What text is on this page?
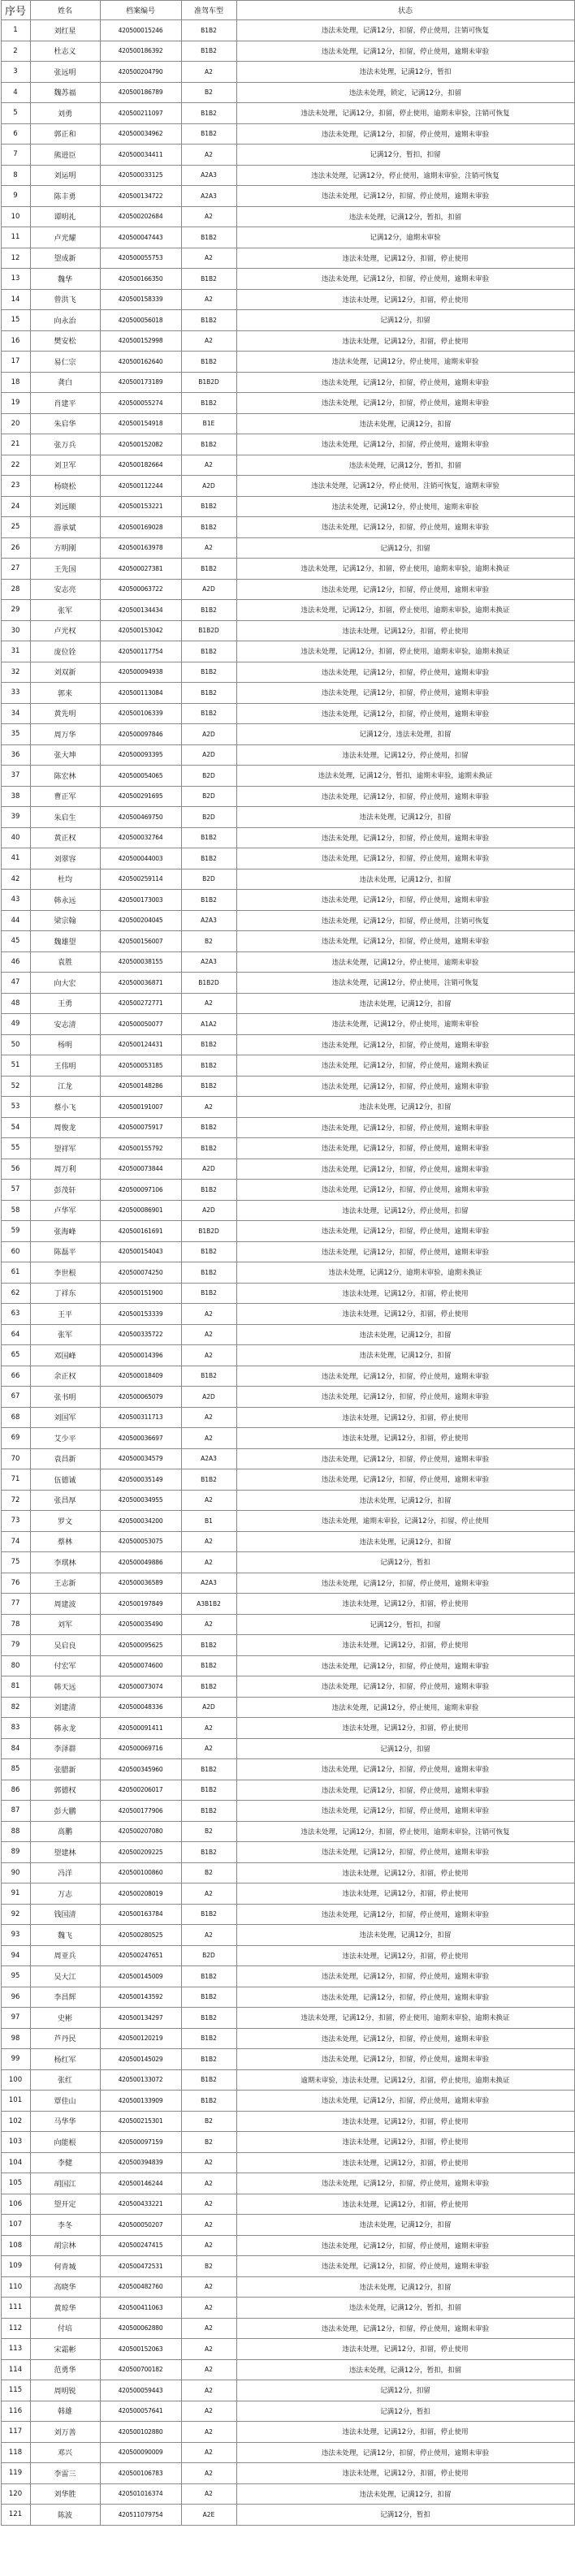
序号	姓名	档案编号	准驾车型	状态
1	刘红星	420500015246	B1B2	违法未处理，记满12分，扣留，停止使用，注销可恢复
2	杜志义	420500186392	B1B2	违法未处理，记满12分，扣留，停止使用，逾期未审验
3	张远明	420500204790	A2	违法未处理，记满12分，暂扣
4	魏苏福	420500186789	B2	违法未处理，锁定，记满12分，扣留
5	刘勇	420500211097	B1B2	违法未处理，记满12分，扣留，停止使用，逾期未审验，注销可恢复
6	郭正和	420500034962	B1B2	违法未处理，记满12分，扣留，停止使用，逾期未审验
7	熊进臣	420500034411	A2	记满12分，暂扣，扣留
8	刘运明	420500033125	A2A3	违法未处理，记满12分，停止使用，逾期未审验，注销可恢复
9	陈丰勇	420500134722	A2A3	违法未处理，记满12分，扣留，停止使用，逾期未审验
10	谭明礼	420500202684	A2	违法未处理，记满12分，暂扣，扣留
11	卢光耀	420500047443	B1B2	记满12分，逾期未审验
12	望成新	420500055753	A2	违法未处理，记满12分，扣留，停止使用
13	魏华	420500166350	B1B2	违法未处理，记满12分，扣留，停止使用，逾期未审验
14	曾洪飞	420500158339	A2	违法未处理，记满12分，扣留，停止使用
15	向永治	420500056018	B1B2	记满12分，扣留
16	樊安松	420500152998	A2	违法未处理，记满12分，扣留，停止使用
17	易仁宗	420500162640	B1B2	违法未处理，记满12分，停止使用，逾期未审验
18	龚白	420500173189	B1B2D	违法未处理，记满12分，扣留，停止使用，逾期未审验
19	肖建平	420500055274	B1B2	违法未处理，记满12分，扣留，停止使用，逾期未审验
20	朱启华	420500154918	B1E	违法未处理，记满12分，扣留
21	张万兵	420500152082	B1B2	违法未处理，记满12分，扣留，停止使用，逾期未审验
22	刘卫军	420500182664	A2	违法未处理，记满12分，暂扣，扣留
23	杨晓松	420500112244	A2D	违法未处理，记满12分，停止使用，注销可恢复，逾期未审验
24	刘远顺	420500153221	B1B2	违法未处理，记满12分，停止使用，逾期未审验
25	游承斌	420500169028	B1B2	违法未处理，记满12分，扣留，停止使用，逾期未审验
26	方明刚	420500163978	A2	记满12分，扣留
27	王先国	420500027381	B1B2	违法未处理，记满12分，扣留，停止使用，逾期未审验，逾期未换证
28	安志亮	420500063722	A2D	违法未处理，记满12分，扣留，停止使用，逾期未审验
29	张军	420500134434	B1B2	违法未处理，记满12分，扣留，停止使用，逾期未审验，逾期未换证
30	卢光权	420500153042	B1B2D	违法未处理，记满12分，扣留，停止使用
31	庞位铨	420500117754	B1B2	违法未处理，记满12分，扣留，停止使用，逾期未审验，逾期未换证
32	刘双新	420500094938	B1B2	违法未处理，记满12分，扣留，停止使用，逾期未审验
33	郭来	420500113084	B1B2	违法未处理，记满12分，扣留，停止使用，逾期未审验
34	黄先明	420500106339	B1B2	违法未处理，记满12分，扣留，停止使用，逾期未审验
35	周万华	420500097846	A2D	记满12分，违法未处理，扣留
36	张大坤	420500093395	A2D	违法未处理，记满12分，停止使用，扣留
37	陈宏林	420500054065	B2D	违法未处理，记满12分，暂扣，逾期未审验，逾期未换证
38	曹正军	420500291695	B2D	违法未处理，记满12分，扣留，停止使用，逾期未审验
39	朱启生	420500469750	B2D	违法未处理，记满12分，扣留
40	黄正权	420500032764	B1B2	违法未处理，记满12分，扣留，停止使用，逾期未审验
41	刘翠容	420500044003	B1B2	违法未处理，记满12分，扣留，停止使用，逾期未审验
42	杜均	420500259114	B2D	违法未处理，记满12分，扣留
43	韩永远	420500173003	B1B2	违法未处理，记满12分，扣留，停止使用，逾期未审验
44	梁宗翰	420500204045	A2A3	违法未处理，记满12分，扣留，停止使用，注销可恢复
45	魏雄望	420500156007	B2	违法未处理，记满12分，扣留，停止使用，逾期未审验
46	袁胜	420500038155	A2A3	违法未处理，记满12分，停止使用，逾期未审验
47	向大宏	420500036871	B1B2D	违法未处理，记满12分，停止使用，注销可恢复
48	王勇	420500272771	A2	违法未处理，记满12分，扣留
49	安志清	420500050077	A1A2	违法未处理，记满12分，停止使用，逾期未审验
50	杨明	420500124431	B1B2	违法未处理，记满12分，扣留，停止使用，逾期未审验
51	王伟明	420500053185	B1B2	违法未处理，记满12分，扣留，停止使用，逾期未换证
52	江龙	420500148286	B1B2	违法未处理，记满12分，扣留，停止使用，逾期未审验
53	蔡小飞	420500191007	A2	违法未处理，记满12分，扣留
54	周俊龙	420500075917	B1B2	违法未处理，记满12分，扣留，停止使用，逾期未审验
55	望祥军	420500155792	B1B2	违法未处理，记满12分，扣留，停止使用，逾期未审验
56	周万利	420500073844	A2D	违法未处理，记满12分，扣留，停止使用，逾期未审验
57	彭茂轩	420500097106	B1B2	违法未处理，记满12分，扣留，停止使用，逾期未审验
58	卢华军	420500086901	A2D	违法未处理，记满12分，停止使用，扣留
59	张海峰	420500161691	B1B2D	违法未处理，记满12分，扣留，停止使用，逾期未审验
60	陈磊平	420500154043	B1B2	违法未处理，记满12分，扣留，停止使用，逾期未审验
61	李世根	420500074250	B1B2	违法未处理，记满12分，逾期未审验，逾期未换证
62	丁祥东	420500151900	B1B2	违法未处理，记满12分，扣留，停止使用
63	王平	420500153339	A2	违法未处理，记满12分，扣留，停止使用
64	张军	420500335722	A2	违法未处理，记满12分，扣留
65	邓国峰	420500014396	A2	违法未处理，记满12分，扣留
66	余正权	420500018409	B1B2	违法未处理，记满12分，扣留，停止使用，逾期未审验
67	张书明	420500065079	A2D	违法未处理，记满12分，扣留，停止使用，逾期未审验
68	刘国军	420500311713	A2	违法未处理，记满12分，扣留，停止使用
69	艾少平	420500036697	A2	违法未处理，记满12分，扣留，停止使用
70	袁昌新	420500034579	A2A3	违法未处理，记满12分，扣留，停止使用，逾期未审验
71	伍德诚	420500035149	B1B2	违法未处理，记满12分，扣留，停止使用，逾期未审验
72	张昌厚	420500034955	A2	违法未处理，记满12分，扣留
73	罗文	420500034200	B1	违法未处理，逾期未审验，记满12分，扣留，停止使用
74	蔡林	420500053075	A2	违法未处理，记满12分，扣留
75	李琪林	420500049886	A2	记满12分，暂扣
76	王志新	420500036589	A2A3	违法未处理，记满12分，扣留，停止使用，逾期未审验
77	周建波	420500197849	A3B1B2	违法未处理，记满12分，扣留，停止使用
78	刘军	420500035490	A2	记满12分，暂扣，扣留
79	吴启良	420500095625	B1B2	违法未处理，记满12分，扣留，停止使用
80	付宏军	420500074600	B1B2	违法未处理，记满12分，扣留，停止使用，逾期未审验
81	韩天远	420500073074	B1B2	违法未处理，记满12分，扣留，停止使用，逾期未审验
82	刘建清	420500048336	A2D	违法未处理，记满12分，停止使用，逾期未审验
83	韩永龙	420500091411	A2	违法未处理，记满12分，扣留，停止使用
84	李泽群	420500069716	A2	记满12分，扣留
85	张腊新	420500345960	B1B2	违法未处理，记满12分，扣留，停止使用，逾期未审验
86	郭德权	420500206017	B1B2	违法未处理，记满12分，扣留，停止使用，逾期未审验
87	彭大鹏	420500177906	B1B2	违法未处理，记满12分，扣留，停止使用，逾期未审验
88	高鹏	420500207080	B2	违法未处理，记满12分，扣留，停止使用，逾期未审验，注销可恢复
89	望建林	420500209225	B1B2	违法未处理，记满12分，扣留，停止使用，逾期未审验
90	冯洋	420500100860	B2	违法未处理，记满12分，扣留，停止使用
91	万志	420500208019	A2	违法未处理，记满12分，扣留，停止使用
92	钱国清	420500163784	B1B2	违法未处理，记满12分，扣留，停止使用，逾期未审验
93	魏飞	420500280525	A2	违法未处理，记满12分，扣留
94	周亚兵	420500247651	B2D	违法未处理，记满12分，扣留，停止使用
95	吴大江	420500145009	B1B2	违法未处理，记满12分，扣留，停止使用，逾期未审验
96	李昌辉	420500143592	B1B2	违法未处理，记满12分，扣留，停止使用，逾期未审验
97	史彬	420500134297	B1B2	违法未处理，记满12分，扣留，停止使用，逾期未审验，逾期未换证
98	芦丹民	420500120219	B1B2	违法未处理，记满12分，扣留，停止使用，逾期未审验
99	杨红军	420500145029	B1B2	违法未处理，记满12分，扣留，停止使用，逾期未审验
100	张红	420500133072	B1B2	逾期未审验，违法未处理，记满12分，扣留，停止使用，逾期未换证
101	覃佳山	420500133909	B1B2	违法未处理，记满12分，扣留，停止使用，逾期未审验
102	马华华	420500215301	B2	违法未处理，记满12分，扣留，停止使用
103	向能根	420500097159	B2	违法未处理，记满12分，扣留，停止使用
104	李健	420500394839	A2	违法未处理，记满12分，扣留，停止使用
105	胡国江	420500146244	A2	违法未处理，记满12分，扣留，停止使用，逾期未审验
106	望开定	420500433221	A2	违法未处理，记满12分，扣留，停止使用
107	李冬	420500050207	A2	违法未处理，记满12分，扣留
108	胡宗林	420500247415	A2	违法未处理，记满12分，扣留，停止使用，逾期未审验
109	何青城	420500472531	B2	违法未处理，记满12分，扣留，停止使用，逾期未审验
110	高晓华	420500482760	A2	违法未处理，记满12分，扣留
111	黄琼华	420500411063	A2	违法未处理，记满12分，暂扣，扣留
112	付培	420500062880	A2	违法未处理，记满12分，扣留，停止使用，逾期未审验
113	宋霜彬	420500152063	A2	违法未处理，记满12分，扣留，停止使用
114	范勇华	420500700182	A2	违法未处理，记满12分，暂扣，扣留
115	周明锐	420500059443	A2	记满12分，扣留
116	韩雄	420500057641	A2	记满12分，暂扣
117	刘万善	420500102880	A2	违法未处理，记满12分，扣留，停止使用
118	邓兴	420500090009	A2	违法未处理，记满12分，扣留，停止使用，逾期未审验
119	李雷三	420500106783	A2	违法未处理，记满12分，扣留，停止使用
120	刘华胜	420501016374	A2	违法未处理，记满12分，扣留
121	陈波	420511079754	A2E	记满12分，暂扣
